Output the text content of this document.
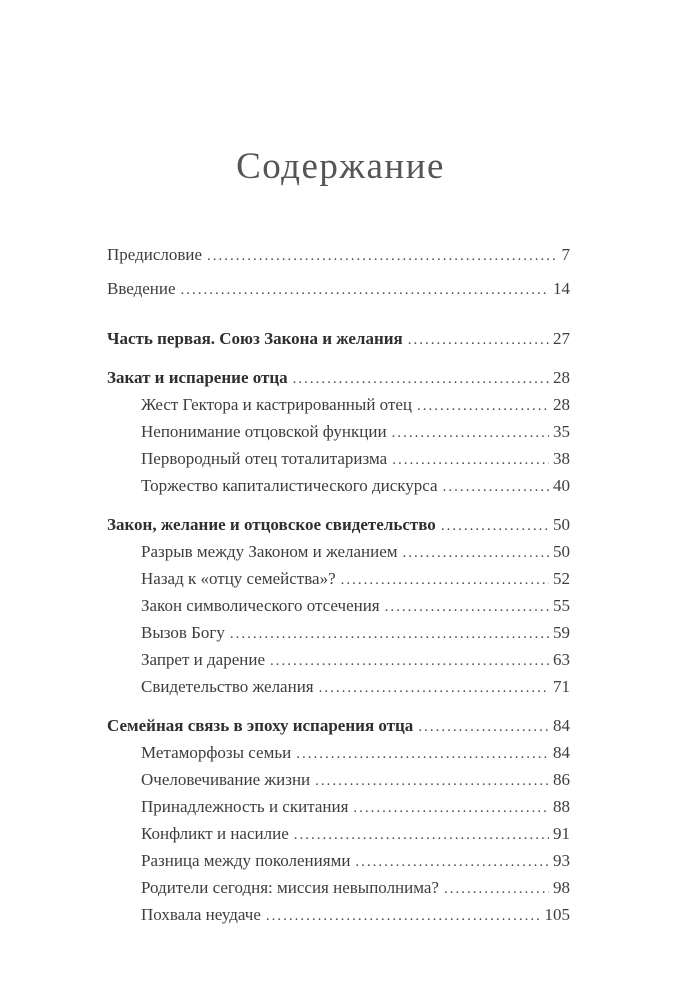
Содержание
Предисловие .....	7
Введение .....	14
Часть первая. Союз Закона и желания .....	27
Закат и испарение отца .....	28
Жест Гектора и кастрированный отец .....	28
Непонимание отцовской функции .....	35
Первородный отец тоталитаризма .....	38
Торжество капиталистического дискурса .....	40
Закон, желание и отцовское свидетельство .....	50
Разрыв между Законом и желанием .....	50
Назад к «отцу семейства»? .....	52
Закон символического отсечения .....	55
Вызов Богу .....	59
Запрет и дарение .....	63
Свидетельство желания .....	71
Семейная связь в эпоху испарения отца .....	84
Метаморфозы семьи .....	84
Очеловечивание жизни .....	86
Принадлежность и скитания .....	88
Конфликт и насилие .....	91
Разница между поколениями .....	93
Родители сегодня: миссия невыполнима? .....	98
Похвала неудаче .....	105
